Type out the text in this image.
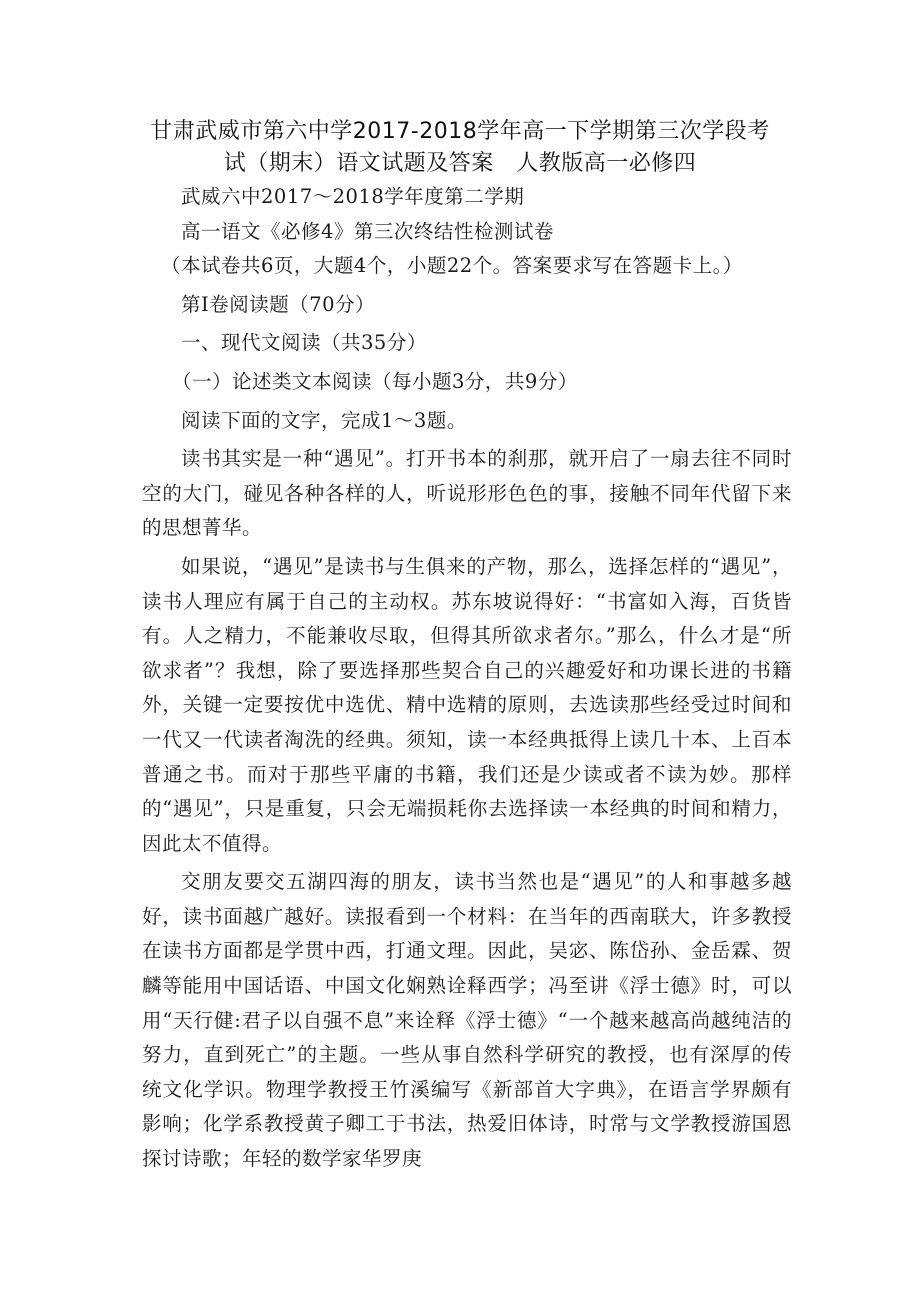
甘肃武威市第六中学2017-2018学年高一下学期第三次学段考试（期末）语文试题及答案　人教版高一必修四

武威六中2017～2018学年度第二学期

高一语文《必修4》第三次终结性检测试卷

（本试卷共6页，大题4个，小题22个。答案要求写在答题卡上。）

第Ⅰ卷阅读题（70分）

一、现代文阅读（共35分）

（一）论述类文本阅读（每小题3分，共9分）

阅读下面的文字，完成1～3题。

读书其实是一种“遇见”。打开书本的刹那，就开启了一扇去往不同时空的大门，碰见各种各样的人，听说形形色色的事，接触不同年代留下来的思想菁华。

如果说，“遇见”是读书与生俱来的产物，那么，选择怎样的“遇见”，读书人理应有属于自己的主动权。苏东坡说得好：“书富如入海，百货皆有。人之精力，不能兼收尽取，但得其所欲求者尔。”那么，什么才是“所欲求者”？我想，除了要选择那些契合自己的兴趣爱好和功课长进的书籍外，关键一定要按优中选优、精中选精的原则，去选读那些经受过时间和一代又一代读者淘洗的经典。须知，读一本经典抵得上读几十本、上百本普通之书。而对于那些平庸的书籍，我们还是少读或者不读为妙。那样的“遇见”，只是重复，只会无端损耗你去选择读一本经典的时间和精力，因此太不值得。

交朋友要交五湖四海的朋友，读书当然也是“遇见”的人和事越多越好，读书面越广越好。读报看到一个材料：在当年的西南联大，许多教授在读书方面都是学贯中西，打通文理。因此，吴宓、陈岱孙、金岳霖、贺麟等能用中国话语、中国文化娴熟诠释西学；冯至讲《浮士德》时，可以用“天行健:君子以自强不息”来诠释《浮士德》“一个越来越高尚越纯洁的努力，直到死亡”的主题。一些从事自然科学研究的教授，也有深厚的传统文化学识。物理学教授王竹溪编写《新部首大字典》，在语言学界颇有影响；化学系教授黄子卿工于书法，热爱旧体诗，时常与文学教授游国恩探讨诗歌；年轻的数学家华罗庚
